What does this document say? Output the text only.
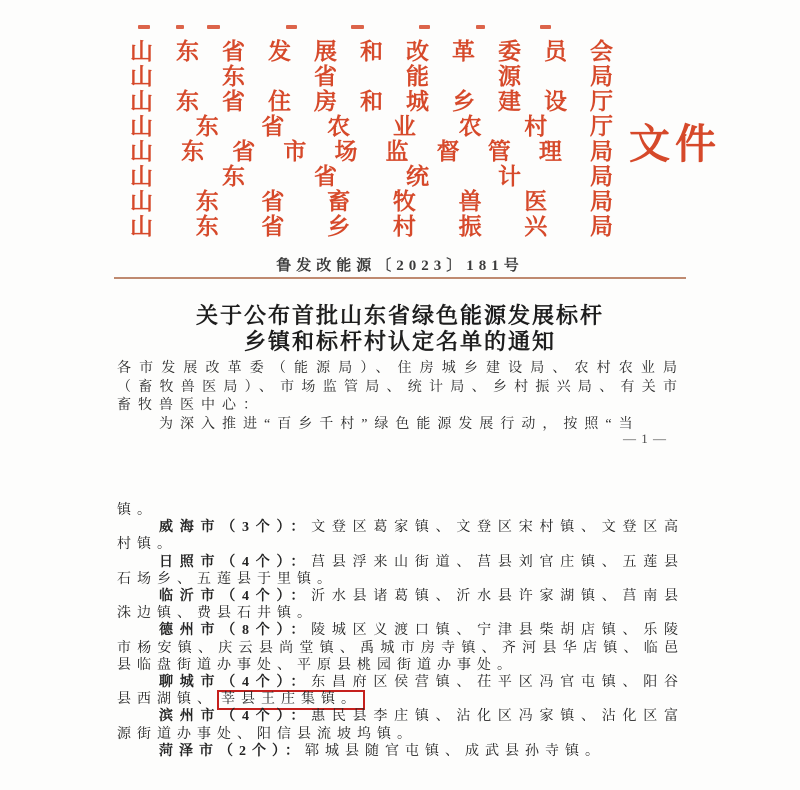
山东省发展和改革委员会
山东省能源局
山东省住房和城乡建设厅
山东省农业农村厅
山东省市场监督管理局
山东省统计局
山东省畜牧兽医局
山东省乡村振兴局
文件
鲁发改能源〔2023〕181号
关于公布首批山东省绿色能源发展标杆
乡镇和标杆村认定名单的通知

各市发展改革委（能源局）、住房城乡建设局、农村农业局（畜牧兽医局）、市场监管局、统计局、乡村振兴局、有关市畜牧兽医中心：

为深入推进“百乡千村”绿色能源发展行动，按照“当

— 1 —

镇。

威海市（3个）：文登区葛家镇、文登区宋村镇、文登区高村镇。

日照市（4个）：莒县浮来山街道、莒县刘官庄镇、五莲县石场乡、五莲县于里镇。

临沂市（4个）：沂水县诸葛镇、沂水县许家湖镇、莒南县洙边镇、费县石井镇。

德州市（8个）：陵城区义渡口镇、宁津县柴胡店镇、乐陵市杨安镇、庆云县尚堂镇、禹城市房寺镇、齐河县华店镇、临邑县临盘街道办事处、平原县桃园街道办事处。

聊城市（4个）：东昌府区侯营镇、茌平区冯官屯镇、阳谷县西湖镇、 莘县王庄集镇。

滨州市（4个）：惠民县李庄镇、沾化区冯家镇、沾化区富源街道办事处、阳信县流坡坞镇。

菏泽市（2个）：郓城县随官屯镇、成武县孙寺镇。
